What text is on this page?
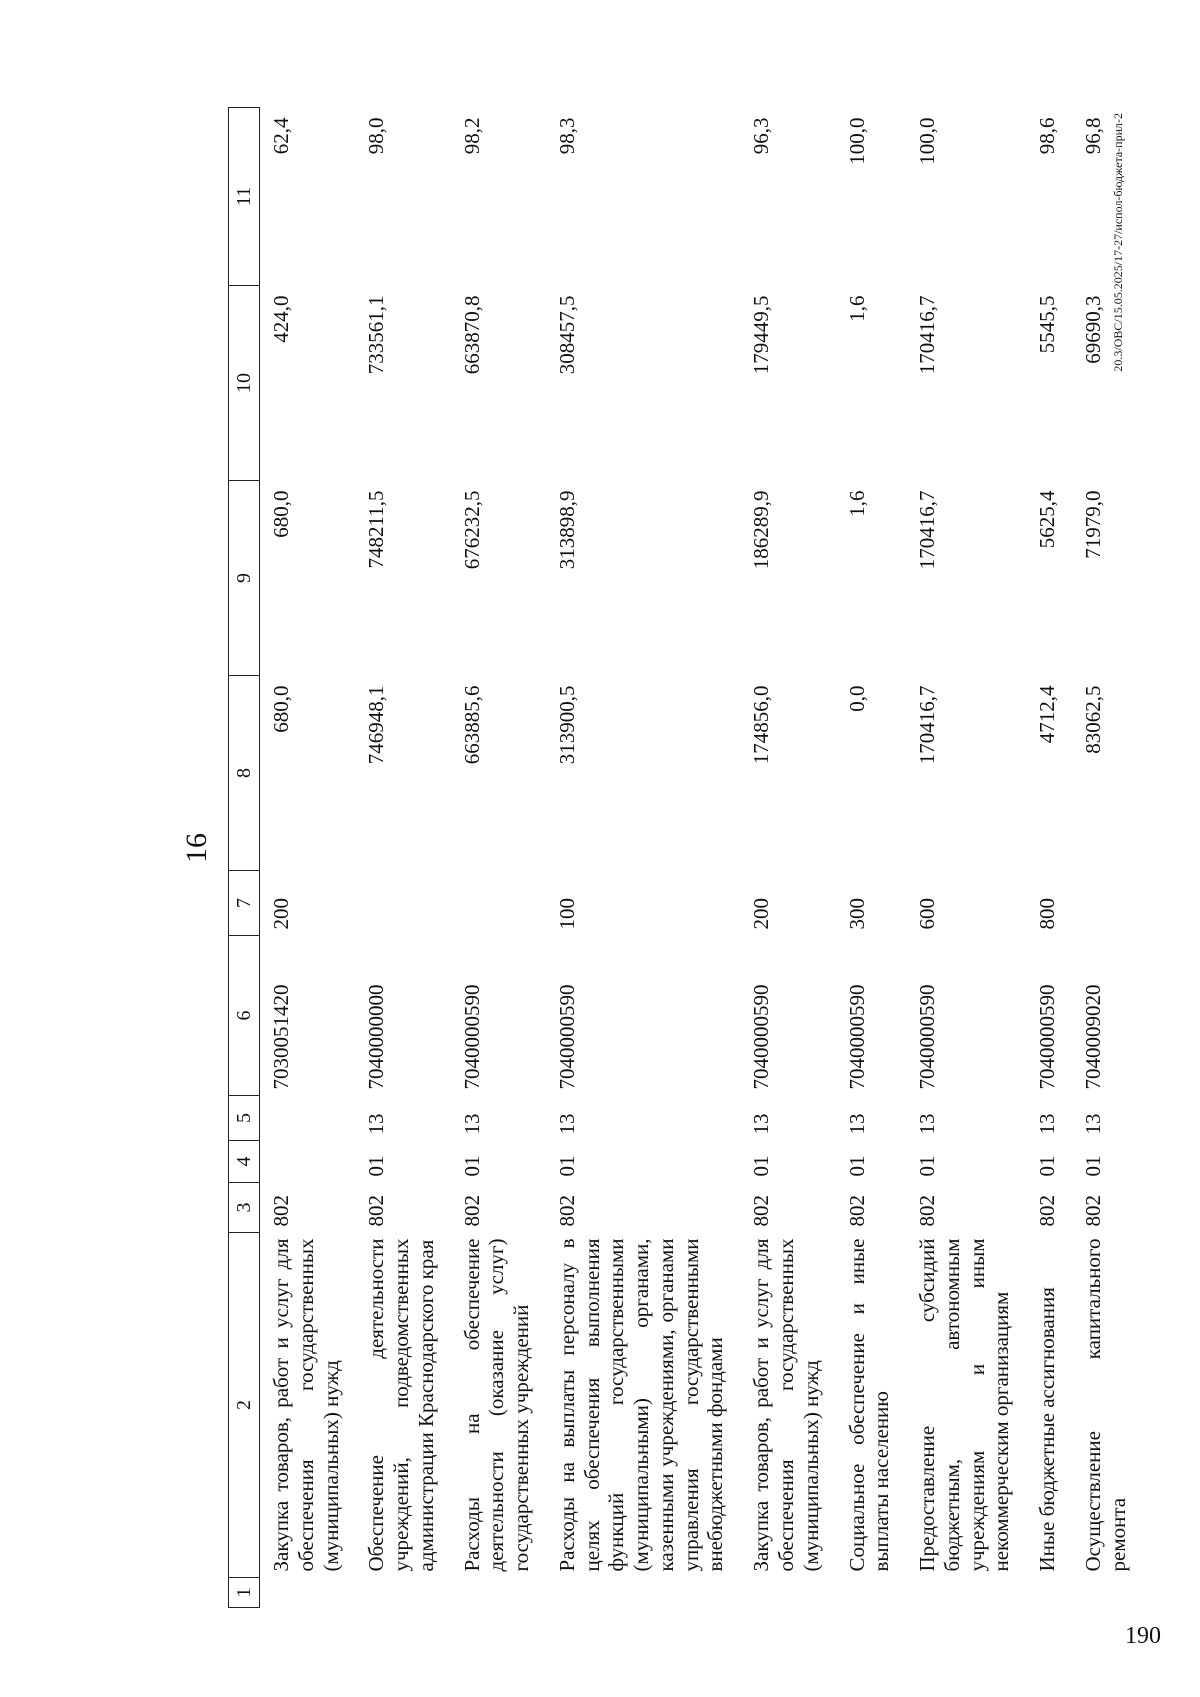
16
1	2	3	4	5	6	7	8	9	10	11
	Закупка товаров, работ и услуг для обеспечения государственных (муниципальных) нужд	802			7030051420	200	680,0	680,0	424,0	62,4
	Обеспечение деятельности учреждений, подведомственных администрации Краснодарского края	802	01	13	7040000000		746948,1	748211,5	733561,1	98,0
	Расходы на обеспечение деятельности (оказание услуг) государственных учреждений	802	01	13	7040000590		663885,6	676232,5	663870,8	98,2
	Расходы на выплаты персоналу в целях обеспечения выполнения функций государственными (муниципальными) органами, казенными учреждениями, органами управления государственными внебюджетными фондами	802	01	13	7040000590	100	313900,5	313898,9	308457,5	98,3
	Закупка товаров, работ и услуг для обеспечения государственных (муниципальных) нужд	802	01	13	7040000590	200	174856,0	186289,9	179449,5	96,3
	Социальное обеспечение и иные выплаты населению	802	01	13	7040000590	300	0,0	1,6	1,6	100,0
	Предоставление субсидий бюджетным, автономным учреждениям и иным некоммерческим организациям	802	01	13	7040000590	600	170416,7	170416,7	170416,7	100,0
	Иные бюджетные ассигнования	802	01	13	7040000590	800	4712,4	5625,4	5545,5	98,6
	Осуществление капитального ремонта	802	01	13	7040009020		83062,5	71979,0	69690,3	96,8 20.3/ОВС/15.05.2025/17-27/испол-бюджета-прил-2
190
